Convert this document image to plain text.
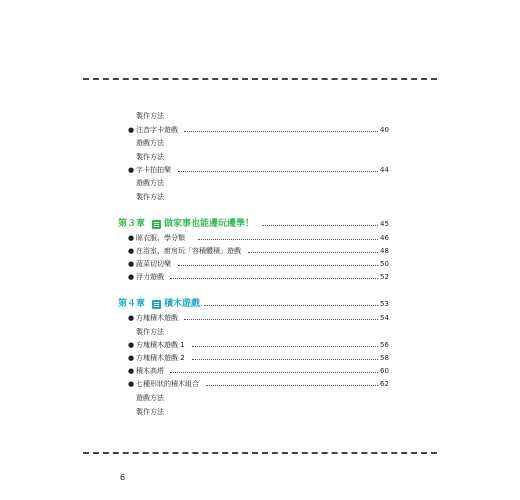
製作方法
● 注音字卡遊戲	40
遊戲方法
製作方法
● 字卡拍拍樂	44
遊戲方法
製作方法
第３章 做家事也能邊玩邊學！	45
● 晾衣服、學分類	46
● 在浴室、廚房玩「容積體積」遊戲	48
● 蔬菜切切樂	50
● 浮力遊戲	52
第４章 積木遊戲	53
● 方塊積木遊戲	54
製作方法
● 方塊積木遊戲 1	56
● 方塊積木遊戲 2	58
● 積木高塔	60
● 七種形狀的積木組合	62
遊戲方法
製作方法
6
